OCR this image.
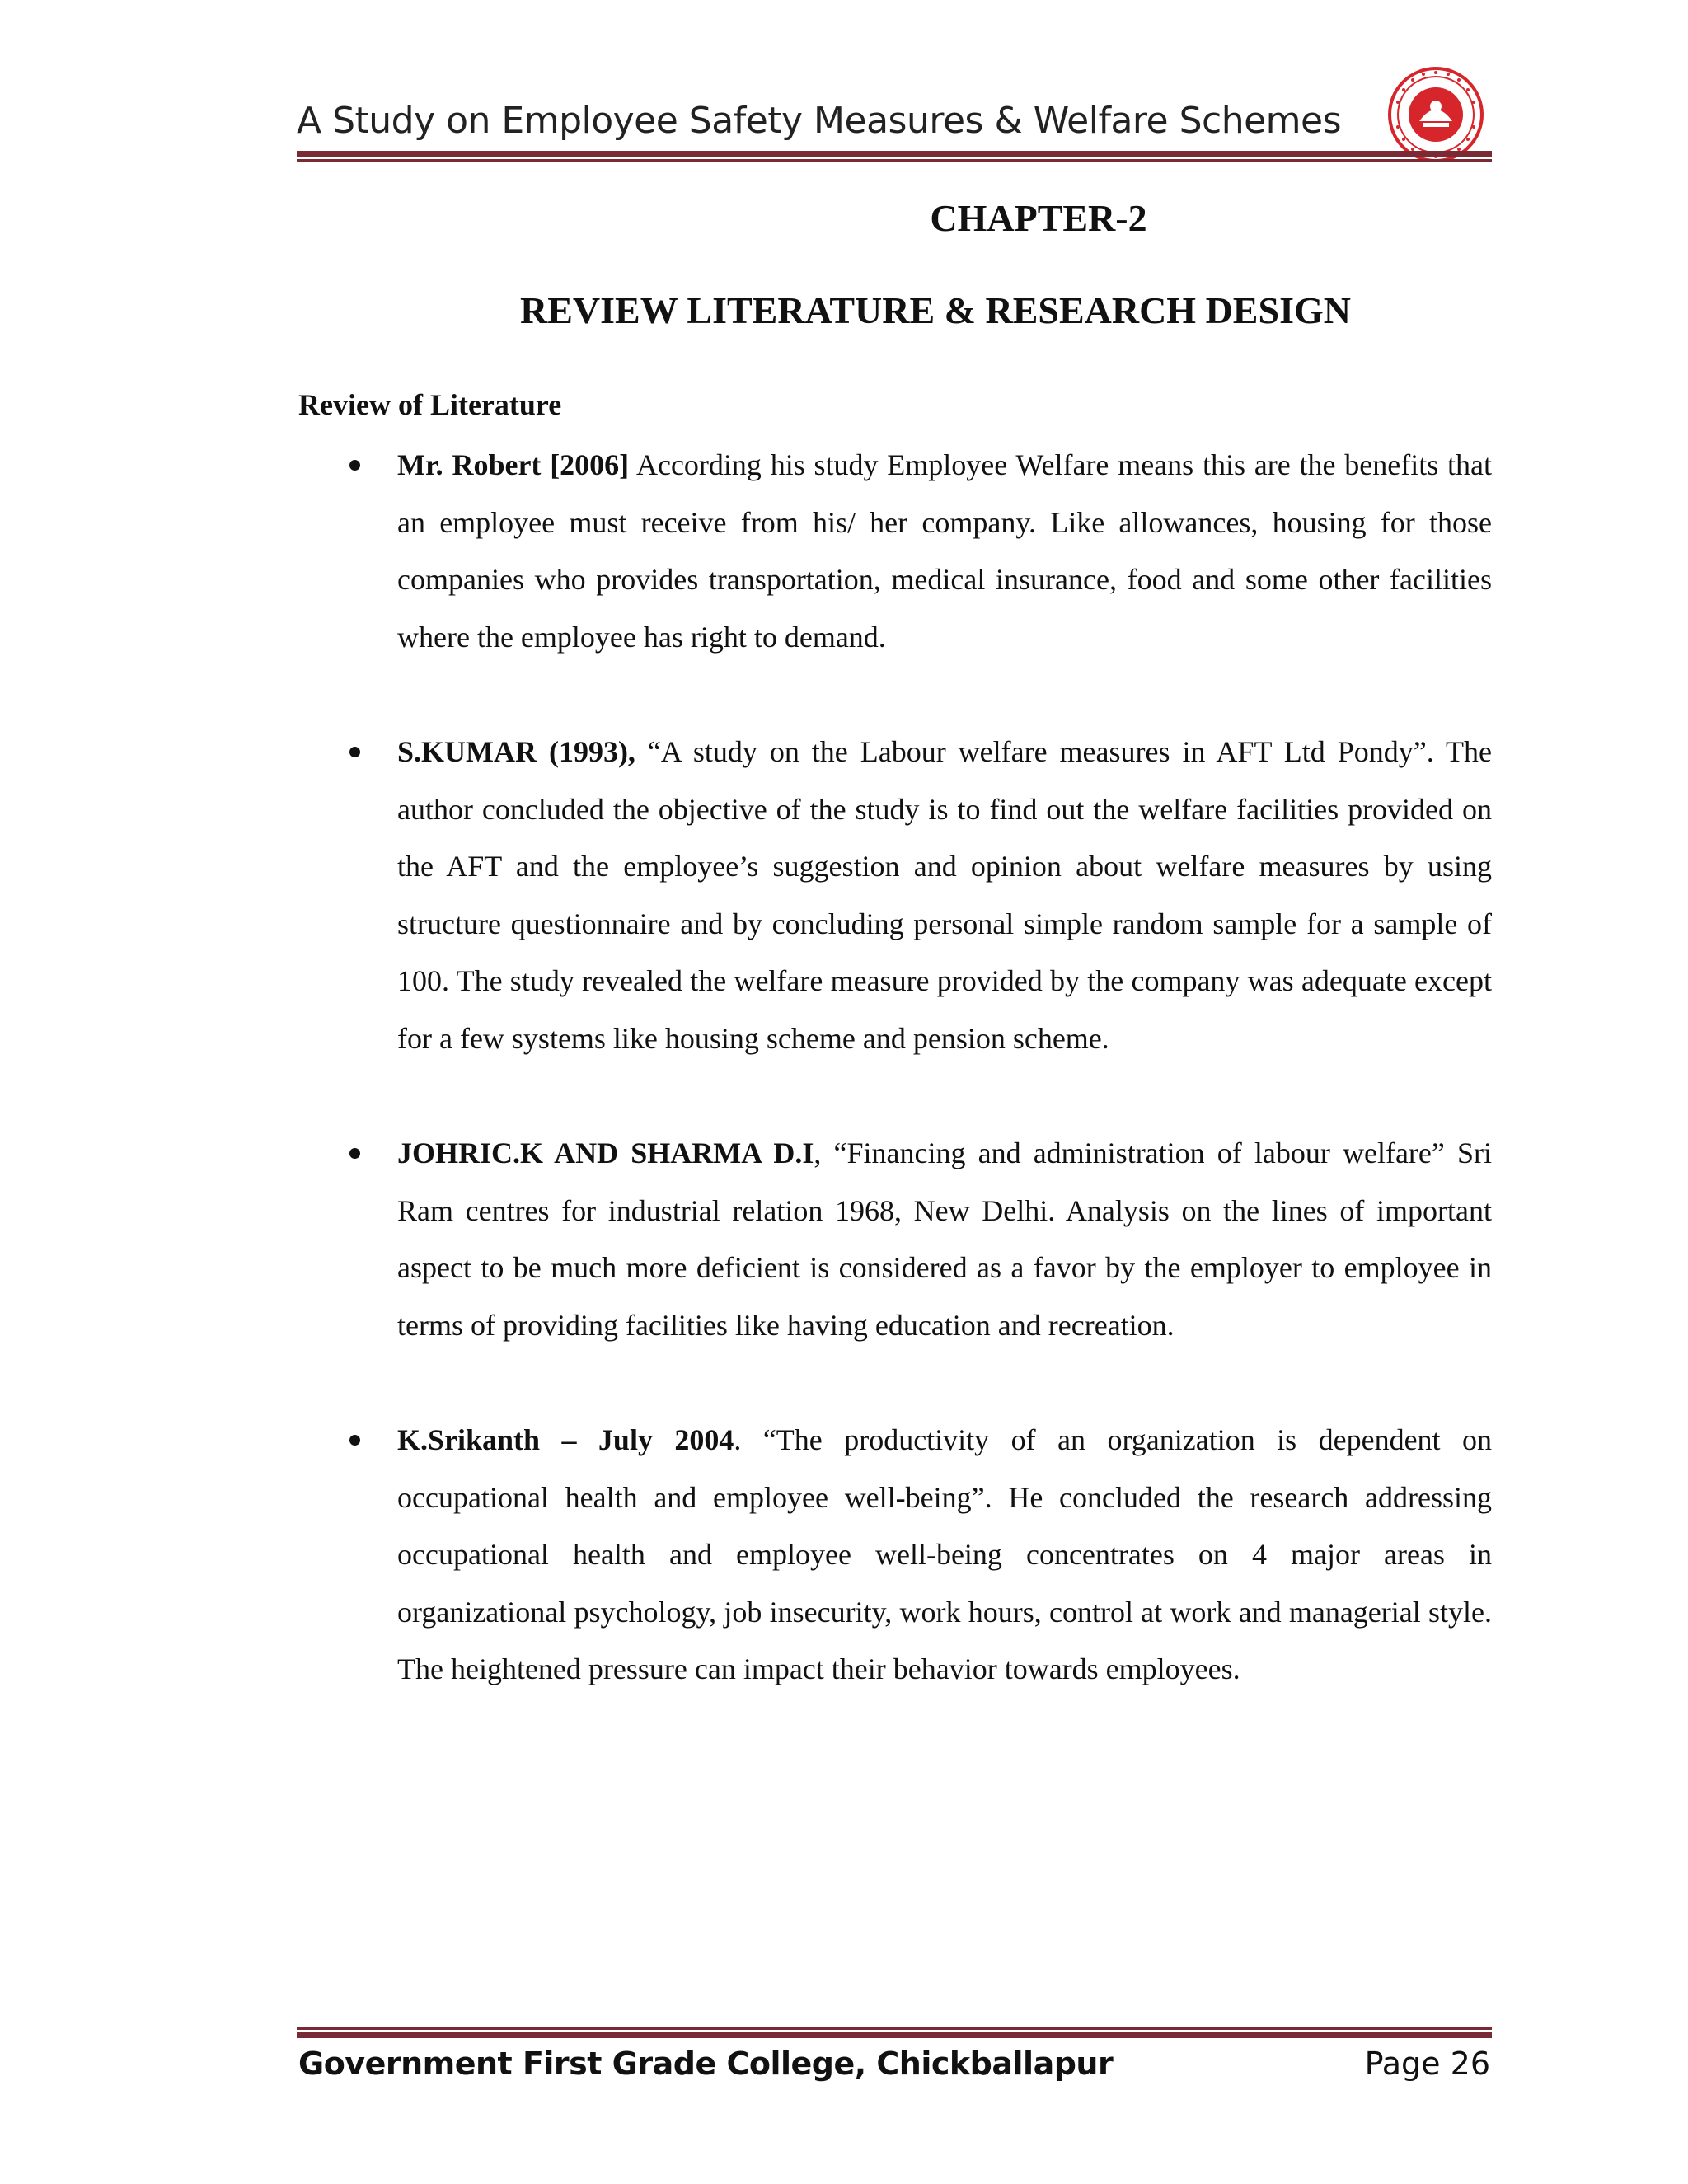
A Study on Employee Safety Measures & Welfare Schemes
CHAPTER-2
REVIEW LITERATURE & RESEARCH DESIGN
Review of Literature
Mr. Robert [2006] According his study Employee Welfare means this are the benefits that an employee must receive from his/ her company. Like allowances, housing for those companies who provides transportation, medical insurance, food and some other facilities where the employee has right to demand.
S.KUMAR (1993), “A study on the Labour welfare measures in AFT Ltd Pondy”. The author concluded the objective of the study is to find out the welfare facilities provided on the AFT and the employee’s suggestion and opinion about welfare measures by using structure questionnaire and by concluding personal simple random sample for a sample of 100. The study revealed the welfare measure provided by the company was adequate except for a few systems like housing scheme and pension scheme.
JOHRIC.K AND SHARMA D.I, “Financing and administration of labour welfare” Sri Ram centres for industrial relation 1968, New Delhi. Analysis on the lines of important aspect to be much more deficient is considered as a favor by the employer to employee in terms of providing facilities like having education and recreation.
K.Srikanth – July 2004. “The productivity of an organization is dependent on occupational health and employee well-being”. He concluded the research addressing occupational health and employee well-being concentrates on 4 major areas in organizational psychology, job insecurity, work hours, control at work and managerial style. The heightened pressure can impact their behavior towards employees.
Government First Grade College, Chickballapur	Page 26
